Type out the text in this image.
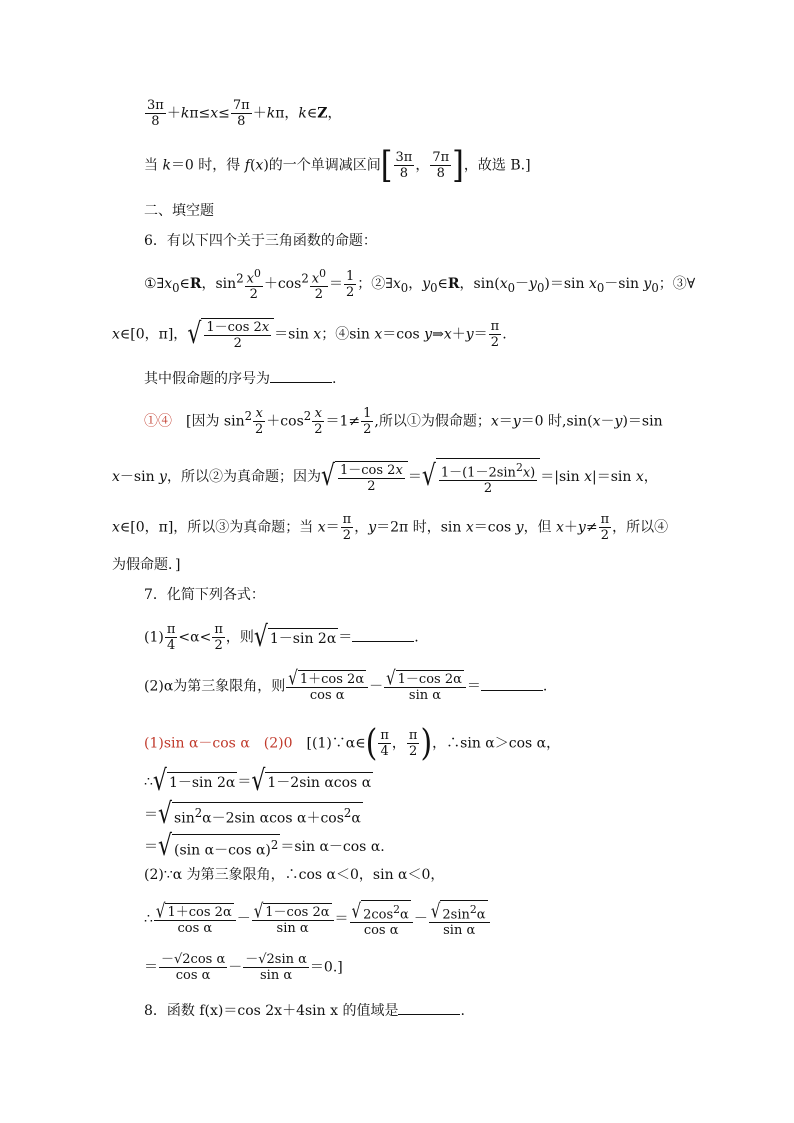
$\frac{3\pi}{8} +k\pi\le x\le \frac{7\pi}{8} +k\pi$，k∈Z，
当 k＝0 时，得 f(x)的一个单调减区间[ $\frac{3\pi}{8}$ ， $\frac{7\pi}{8}$ ]，故选 B.]
二、填空题
6．有以下四个关于三角函数的命题：
$①\exists x_0\in R$，$\sin^2 \frac{x^0}{2} +\cos^2 \frac{x^0}{2} = \frac{1}{2}$ ；$②\exists x_0$，$y_0\in R$，$\sin(x_0-y_0)=\sin$ $x_0-\sin$ $y_0$；③∀
x∈[0，π]，√ $\frac{1-\cos 2x}{2} =\sin$ x；④sin x＝cos y⇒x＋y＝ $\frac{\pi}{2}$ .
其中假命题的序号为	.
①④　[因为 $\sin^2 \frac{x}{2} +\cos^2 \frac{x}{2} =1\ne \frac{1}{2}$ ,所以①为假命题；x＝y＝0 时,sin(x－y)＝sin
x－sin y，所以②为真命题；因为√ $\frac{1-\cos 2x}{2}$ ＝√ $\frac{1-(1-2\sin^2x)}{2} =|\sin$ x|＝sin x，
x∈[0，π]，所以③为真命题；当 $x= \frac{\pi}{2}$ ，y＝2π 时，sin x＝cos y，但 $x+y\ne \frac{\pi}{2}$ ，所以④
为假命题．]
7．化简下列各式：
$(1) \frac{\pi}{4} <\alpha< \frac{\pi}{2}$ ，则√ 1－sin 2α ＝	.
(2)α为第三象限角，则 $\frac{√ 1+\cos 2\alpha}{\text{cos α}} - \frac{√ 1-\cos 2\alpha}{\text{sin α}}$ ＝	.
(1)sin α－cos α　(2)0　[(1)∵α∈( $\frac{\pi}{4}$ ， $\frac{\pi}{2}$ )，∴sin α＞cos α，
∴√ 1－sin 2α ＝√ 1－2sin αcos α
＝√ $\sin^2\alpha-2\sin$ αcos $\alpha+\cos^2\alpha$
＝√ (sin α－cos α)$^2$ ＝sin α－cos α.
(2)∵α 为第三象限角，∴cos α＜0，sin α＜0，
∴ $\frac{√ 1+\cos 2\alpha}{\text{cos α}} - \frac{√ 1-\cos 2\alpha}{\text{sin α}} = \frac{√ 2\cos^2\alpha}{\text{cos α}} - \frac{√ 2\sin^2\alpha}{\text{sin α}}$
＝ $\frac{\text{－√2cos α}}{\text{cos α}} - \frac{\text{－√2sin α}}{\text{sin α}} =0$.]
8．函数 f(x)＝cos 2x＋4sin x 的值域是	.
